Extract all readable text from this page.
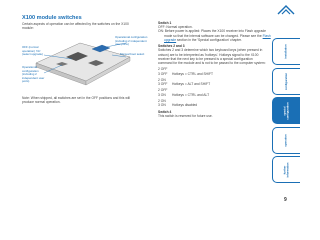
X100 module switches
Certain aspects of operation can be affected by the switches on the X100 module:
Operational configuration (including 2 independent user ports)
Manual boot select
OFF (normal operation) 'On' (select upgrade)
Operational configuration (including 2 independent user ports)
Note: When shipped, all switches are set in the OFF positions and this will produce normal operation.
Switch 1
OFF: Normal operation.
ON: Before power is applied: Places the X100 receiver into Flash upgrade
mode so that the internal software can be changed. Please see the Flash
upgrade section in the 'Special configuration' chapter.
Switches 2 and 3
Switches 2 and 3 determine which two keyboard keys (when pressed in unison) are to be interpreted as 'hotkeys'. Hotkeys signal to the X100 receiver that the next key to be pressed is a special configuration command for the module and is not to be passed to the computer system:
2 OFF
3 OFF Hotkeys = CTRL and SHIFT
2 ON
3 OFF Hotkeys = ALT and SHIFT
2 OFF
3 ON Hotkeys = CTRL and ALT
2 ON
3 ON Hotkeys disabled
Switch 4
This switch is reserved for future use.
installation
configuration
special
configuration
operation
further
information
9
